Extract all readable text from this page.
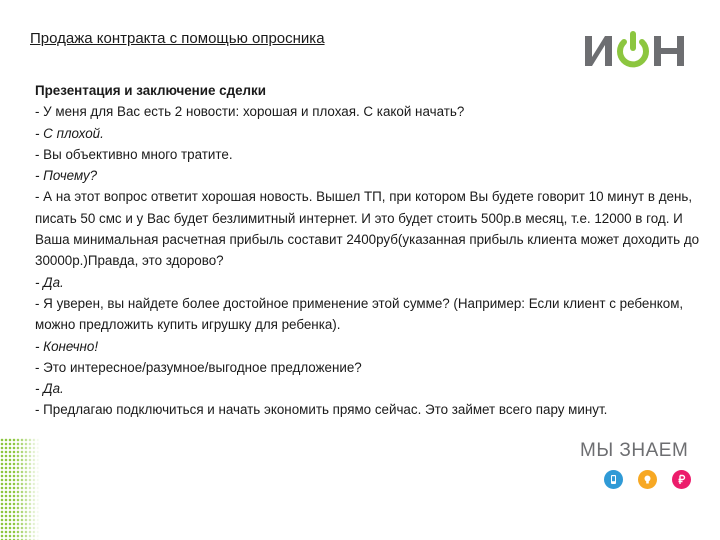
Продажа контракта с помощью опросника
Презентация и заключение сделки
- У меня для Вас есть 2 новости: хорошая и плохая. С какой начать?
- С плохой.
- Вы объективно много тратите.
- Почему?
- А на этот вопрос ответит хорошая новость. Вышел ТП, при котором Вы будете говорит 10 минут в день, писать 50 смс и у Вас будет безлимитный интернет. И это будет стоить 500р.в месяц, т.е. 12000 в год. И Ваша минимальная расчетная прибыль составит 2400руб(указанная прибыль клиента может доходить до 30000р.)Правда, это здорово?
- Да.
- Я уверен, вы найдете более достойное применение этой сумме? (Например: Если клиент с ребенком, можно предложить купить игрушку для ребенка).
- Конечно!
- Это интересное/разумное/выгодное предложение?
- Да.
- Предлагаю подключиться и начать экономить прямо сейчас. Это займет всего пару минут.
МЫ ЗНАЕМ
